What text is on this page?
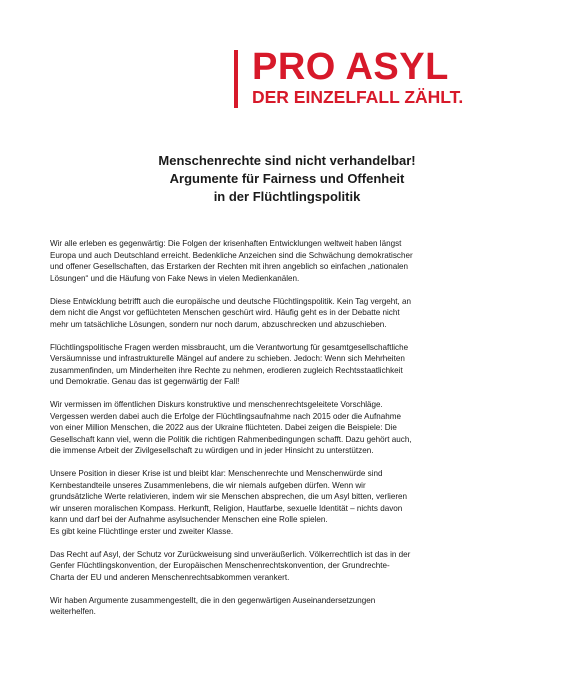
PRO ASYL
DER EINZELFALL ZÄHLT.
Menschenrechte sind nicht verhandelbar!
Argumente für Fairness und Offenheit
in der Flüchtlingspolitik

Wir alle erleben es gegenwärtig: Die Folgen der krisenhaften Entwicklungen weltweit haben längst
Europa und auch Deutschland erreicht. Bedenkliche Anzeichen sind die Schwächung demokratischer
und offener Gesellschaften, das Erstarken der Rechten mit ihren angeblich so einfachen „nationalen
Lösungen“ und die Häufung von Fake News in vielen Medienkanälen.

Diese Entwicklung betrifft auch die europäische und deutsche Flüchtlingspolitik. Kein Tag vergeht, an
dem nicht die Angst vor geflüchteten Menschen geschürt wird. Häufig geht es in der Debatte nicht
mehr um tatsächliche Lösungen, sondern nur noch darum, abzuschrecken und abzuschieben.

Flüchtlingspolitische Fragen werden missbraucht, um die Verantwortung für gesamtgesellschaftliche
Versäumnisse und infrastrukturelle Mängel auf andere zu schieben. Jedoch: Wenn sich Mehrheiten
zusammenfinden, um Minderheiten ihre Rechte zu nehmen, erodieren zugleich Rechtsstaatlichkeit
und Demokratie. Genau das ist gegenwärtig der Fall!

Wir vermissen im öffentlichen Diskurs konstruktive und menschenrechtsgeleitete Vorschläge.
Vergessen werden dabei auch die Erfolge der Flüchtlingsaufnahme nach 2015 oder die Aufnahme
von einer Million Menschen, die 2022 aus der Ukraine flüchteten. Dabei zeigen die Beispiele: Die
Gesellschaft kann viel, wenn die Politik die richtigen Rahmenbedingungen schafft. Dazu gehört auch,
die immense Arbeit der Zivilgesellschaft zu würdigen und in jeder Hinsicht zu unterstützen.

Unsere Position in dieser Krise ist und bleibt klar: Menschenrechte und Menschenwürde sind
Kernbestandteile unseres Zusammenlebens, die wir niemals aufgeben dürfen. Wenn wir
grundsätzliche Werte relativieren, indem wir sie Menschen absprechen, die um Asyl bitten, verlieren
wir unseren moralischen Kompass. Herkunft, Religion, Hautfarbe, sexuelle Identität – nichts davon
kann und darf bei der Aufnahme asylsuchender Menschen eine Rolle spielen.
Es gibt keine Flüchtlinge erster und zweiter Klasse.

Das Recht auf Asyl, der Schutz vor Zurückweisung sind unveräußerlich. Völkerrechtlich ist das in der
Genfer Flüchtlingskonvention, der Europäischen Menschenrechtskonvention, der Grundrechte-
Charta der EU und anderen Menschenrechtsabkommen verankert.

Wir haben Argumente zusammengestellt, die in den gegenwärtigen Auseinandersetzungen
weiterhelfen.
